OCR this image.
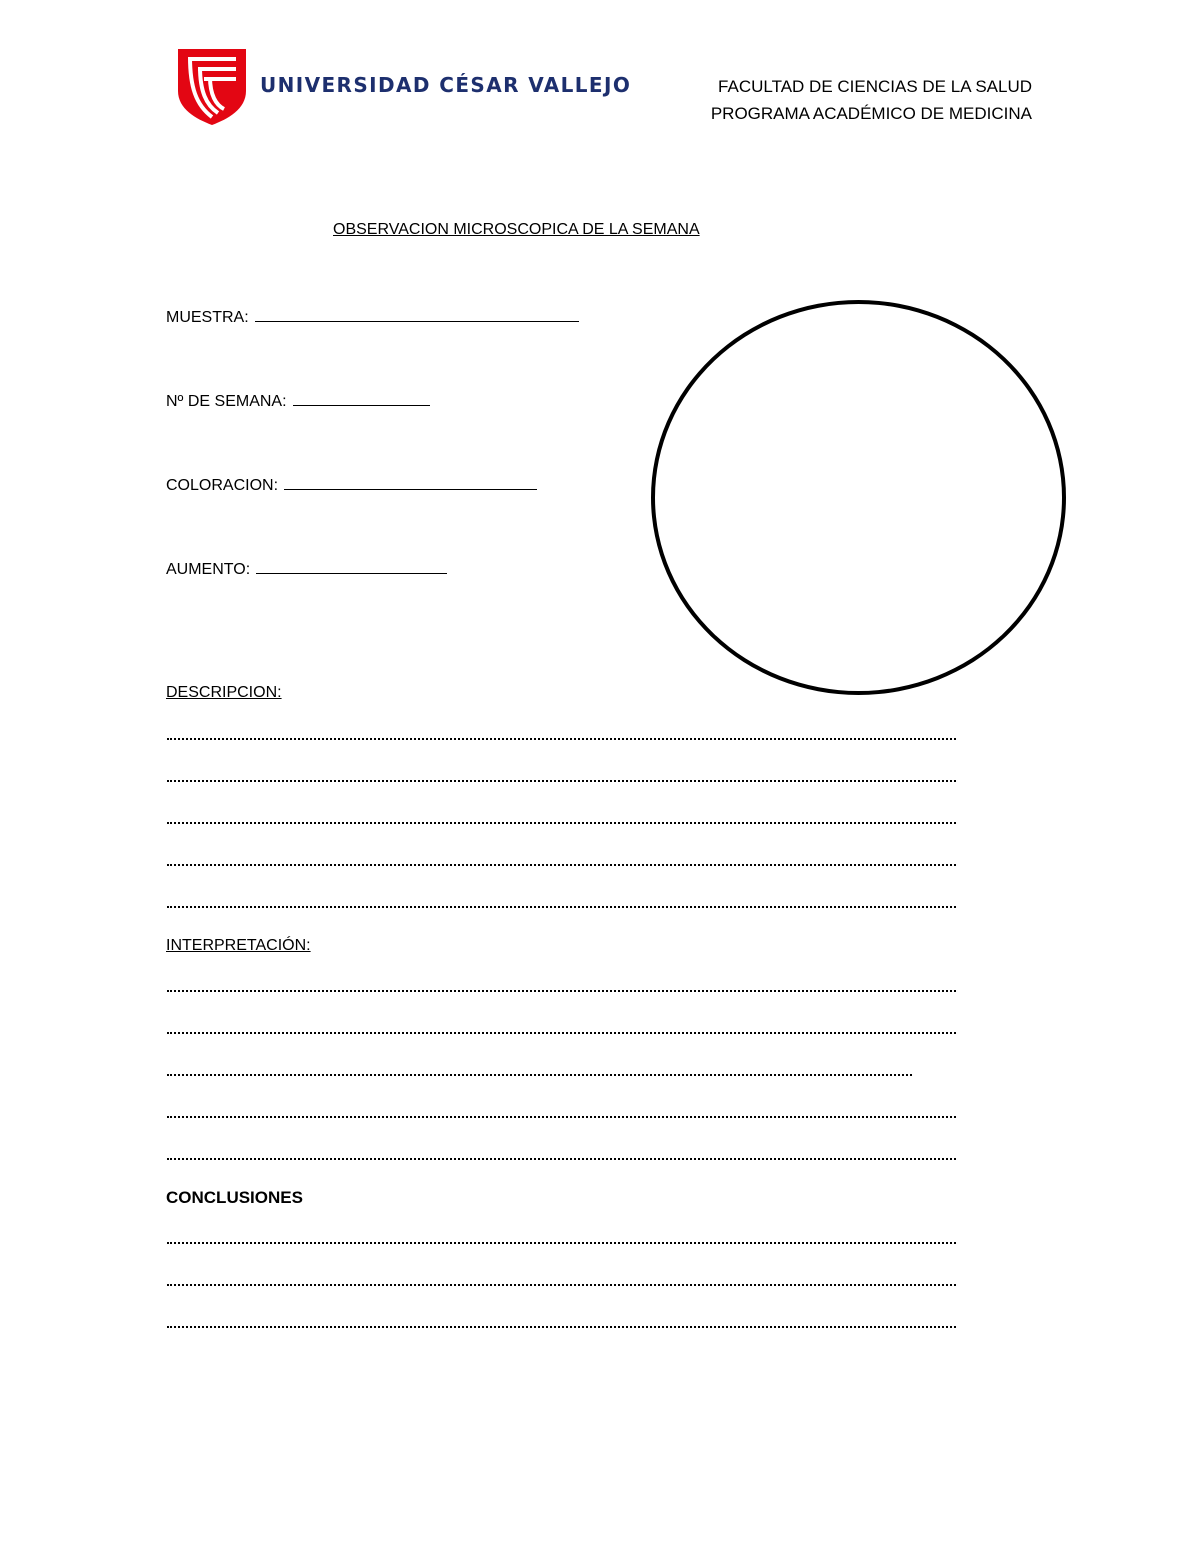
UNIVERSIDAD CÉSAR VALLEJO	FACULTAD DE CIENCIAS DE LA SALUD
PROGRAMA ACADÉMICO DE MEDICINA
OBSERVACION MICROSCOPICA DE LA SEMANA
MUESTRA:
Nº DE SEMANA:
COLORACION:
AUMENTO:
DESCRIPCION:
INTERPRETACIÓN:
CONCLUSIONES
